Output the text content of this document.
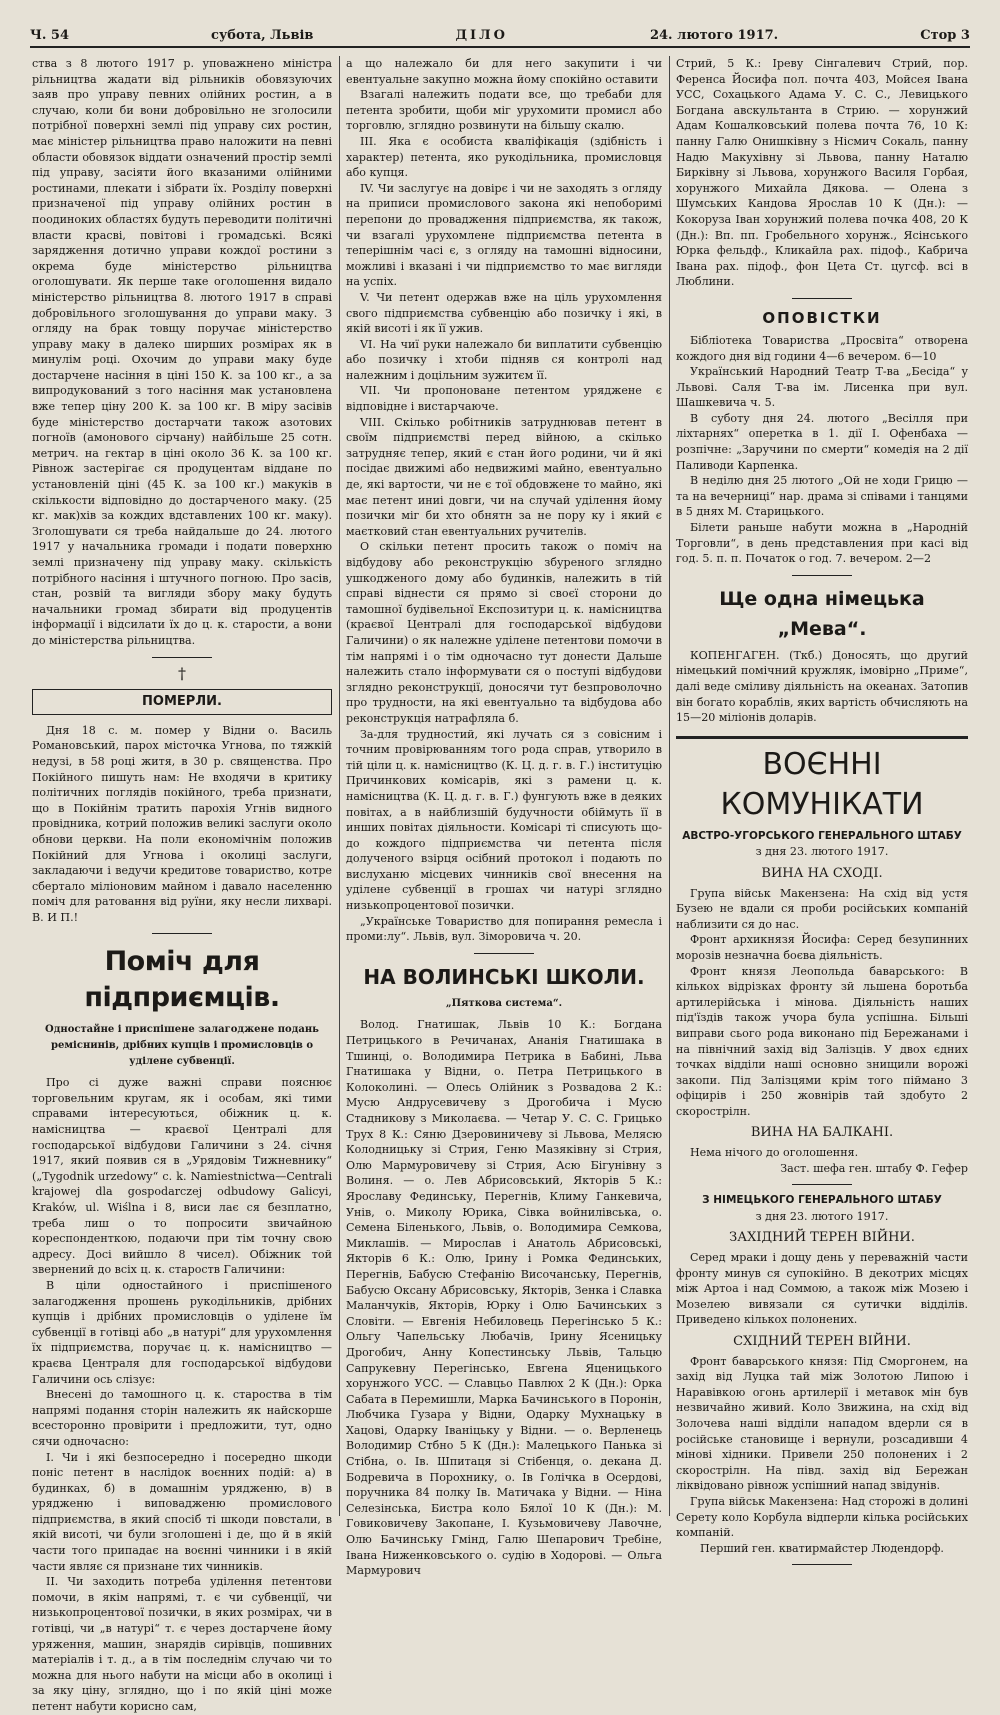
Ч. 54	субота, Львів	ДІЛО	24. лютого 1917.	Стор 3

ства з 8 лютого 1917 р. уповажнено міністра рільництва жадати від рільників обовязуючих заяв про управу певних олійних ростин, а в случаю, коли би вони добровільно не зголосили потрібної поверхні землі під управу сих ростин, має міністер рільництва право наложити на певні области обовязок віддати означений простір землі під управу, засіяти його вказаними олійними ростинами, плекати і зібрати їх. Розділу поверхні призначеної під управу олійних ростин в поодиноких областях будуть переводити політичні власти красві, повітові і громадські. Всякі зарядження дотично управи кождої ростини з окрема буде міністерство рільництва оголошувати. Як перше таке оголошення видало міністерство рільництва 8. лютого 1917 в справі добровільного зголошування до управи маку. З огляду на брак товщу поручає міністерство управу маку в далеко ширших розмірах як в минулім році. Охочим до управи маку буде достарчене насіння в ціні 150 К. за 100 кг., а за випродукований з того насіння мак установлена вже тепер ціну 200 К. за 100 кг. В міру засівів буде міністерство достарчати також азотових погноїв (амонового сірчану) найбільше 25 сотн. метрич. на гектар в ціні около 36 К. за 100 кг. Рівнож застерігає ся продуцентам віддане по установленій ціні (45 К. за 100 кг.) макуків в скількости відповідно до достарченого маку. (25 кг. мак)хів за кождих вдставлених 100 кг. маку). Зголошувати ся треба найдальше до 24. лютого 1917 у начальника громади і подати поверхню землі призначену під управу маку. скількість потрібного насіння і штучного погною. Про засів, стан, розвій та вигляди збору маку будуть начальники громад збирати від продуцентів інформації і відсилати їх до ц. к. старости, а вони до міністерства рільництва.

†
ПОМЕРЛИ.

Дня 18 с. м. помер у Відни о. Василь Романовський, парох місточка Угнова, по тяжкій недузі, в 58 році житя, в 30 р. священства. Про Покійного пишуть нам: Не входячи в критику політичних поглядів покійного, треба признати, що в Покійнім тратить парохія Угнів видного провідника, котрий положив великі заслуги около обнови церкви. На поли економічнім положив Покійний для Угнова і околиці заслуги, закладаючи і ведучи кредитове товариство, котре сбертало міліоновим майном і давало населенню поміч для ратовання від руїни, яку несли лихварі. В. И П.!

Поміч для підприємців.
Одностайне і приспішене залагоджене подань реміснинів, дрібних купців і промисловців о уділене субвенції.

Про сі дуже важні справи пояснює торговельним кругам, як і особам, які тими справами інтересуються, обіжник ц. к. намісництва — краєвої Централі для господарської відбудови Галичини з 24. січня 1917, який появив ся в „Урядовім Тижневнику“ („Tygodnik urzedowy“ c. k. Namiestnictwa—Centrali krajowej dla gospodarczej odbudowy Galicyi, Kraków, ul. Wiślna і 8, виси лає ся безплатно, треба лиш о то попросити звичайною кореспонденткою, подаючи при тім точну свою адресу. Досі вийшло 8 чисел). Обіжник той звернений до всіх ц. к. староств Галичини:

В ціли одностайного і приспішеного залагодження прошень рукодільників, дрібних купців і дрібних промисловців о уділене їм субвенції в готівці або „в натурі“ для урухомлення їх підприємства, поручає ц. к. намісництво — краєва Централя для господарської відбудови Галичини ось слізує:

Внесені до тамошного ц. к. староства в тім напрямі подання сторін належить як найскорше всесторонно провірити і предложити, тут, одно сячи одночасно:

І. Чи і які безпосередно і посередно шкоди поніс петент в наслідок воєнних подій: а) в будинках, б) в домашнім урядженю, в) в урядженю і виповадженю промислового підприємства, в який спосіб ті шкоди повстали, в якій висоті, чи були зголошені і де, що й в якій части того припадає на воєнні чинники і в якій части являє ся признане тих чинників.

ІІ. Чи заходить потреба уділення петентови помочи, в якім напрямі, т. є чи субвенції, чи низькопроцентової позички, в яких розмірах, чи в готівці, чи „в натурі“ т. є через достарчене йому уряження, машин, знарядів сирівців, пошивних матеріалів і т. д., а в тім последнім случаю чи то можна для нього набути на місци або в околиці і за яку ціну, зглядно, що і по якій ціні може петент набути корисно сам,

а що належало би для него закупити і чи евентуальне закупно можна йому спокійно оставити

Взагалі належить подати все, що требаби для петента зробити, щоби міг урухомити промисл або торговлю, зглядно розвинути на більшу скалю.

ІІІ. Яка є особиста кваліфікація (здібність і характер) петента, яко рукодільника, промисловця або купця.

ІV. Чи заслугує на довірє і чи не заходять з огляду на приписи промислового закона які непоборимі перепони до провадження підприємства, як також, чи взагалі урухомлене підприємства петента в теперішнім часі є, з огляду на тамошні відносини, можливі і вказані і чи підприємство то має вигляди на успіх.

V. Чи петент одержав вже на ціль урухомлення свого підприємства субвенцію або позичку і які, в якій висоті і як її ужив.

VI. На чиї руки належало би виплатити субвенцію або позичку і хтоби підняв ся контролі над належним і доцільним зужитєм її.

VII. Чи пропоноване петентом уряджене є відповідне і вистарчаюче.

VIII. Скілько робітників затруднював петент в своїм підприємстві перед війною, а скілько затрудняє тепер, який є стан його родини, чи й які посідає движимі або недвижимі майно, евентуально де, які вартости, чи не є тої обдовжене то майно, які має петент иниі довги, чи на случай уділення йому позички міг би хто обнятн за не пору ку і який є маєтковий стан евентуальних ручителів.

О скільки петент просить також о поміч на відбудову або реконструкцію збуреного зглядно ушкодженого дому або будинків, належить в тій справі віднести ся прямо зі своєї сторони до тамошної будівельної Експозитури ц. к. намісництва (краєвої Централі для господарської відбудови Галичини) о як належне уділене петентови помочи в тім напрямі і о тім одночасно тут донести Дальше належить стало інформувати ся о поступі відбудови зглядно реконструкції, доносячи тут безпроволочно про трудности, на які евентуально та відбудова або реконструкція натрафляла б.

За-для трудностий, які лучать ся з совісним і точним провірюванням того рода справ, утворило в тій ціли ц. к. намісництво (К. Ц. д. г. в. Г.) інституцію Причинкових комісарів, які з рамени ц. к. намісництва (К. Ц. д. г. в. Г.) фунгують вже в деяких повітах, а в найблизшій будучности обіймуть її в инших повітах діяльности. Комісарі ті списують що-до кождого підприємства чи петента після долученого взірця осібний протокол і подають по вислуханю місцевих чинників свої внесення на уділене субвенції в грошах чи натурі зглядно низькопроцентової позички.

„Українське Товариство для попирання ремесла і проми:лу“. Львів, вул. Зіморовича ч. 20.

НА ВОЛИНСЬКІ ШКОЛИ.
„Пяткова система“.

Волод. Гнатишак, Львів 10 К.: Богдана Петрицького в Речичанах, Ананія Гнатишака в Тшинці, о. Володимира Петрика в Бабині, Льва Гнатишака у Відни, о. Петра Петрицького в Колоколині. — Олесь Олійник з Розвадова 2 К.: Мусю Андрусевичеву з Дрогобича і Мусю Стадникову з Миколаєва. — Четар У. С. С. Грицько Трух 8 К.: Сяню Дзеровиничеву зі Львова, Мелясю Колодницьку зі Стрия, Геню Мазяківну зі Стрия, Олю Мармуровичеву зі Стрия, Асю Бігунівну з Волиня. — о. Лев Абрисовський, Якторів 5 К.: Ярославу Фединську, Перегнів, Климу Ганкевича, Унів, о. Миколу Юрика, Сівка войнилівська, о. Семена Біленького, Львів, о. Володимира Семкова, Миклашів. — Мирослав і Анатоль Абрисовські, Якторів 6 К.: Олю, Ірину і Ромка Фединських, Перегнів, Бабусю Стефанію Височанську, Перегнів, Бабусю Оксану Абрисовську, Якторів, Зенка і Славка Маланчуків, Якторів, Юрку і Олю Бачинських з Словіти. — Евгенія Небиловець Перегінсько 5 К.: Ольгу Чапельську Любачів, Ірину Ясеницьку Дрогобич, Анну Копестинську Львів, Тальцю Сапрукевну Перегінсько, Евгена Яценицького хорунжого УСС. — Славцьо Павлюх 2 К (Дн.): Орка Сабата в Перемишли, Марка Бачинського в Поронін, Любчика Гузара у Відни, Одарку Мухнацьку в Хацові, Одарку Іваніцьку у Відни. — о. Верленець Володимир Стбно 5 К (Дн.): Малецького Панька зі Стібна, о. Ів. Шпитаця зі Стібенця, о. декана Д. Бодревича в Порохнику, о. Ів Голічка в Осердові, поручника 84 полку Ів. Матичака у Відни. — Ніна Селезінська, Бистра коло Бялої 10 К (Дн.): М. Говиковичеву Закопане, І. Кузьмовичеву Лавочне, Олю Бачинську Гмінд, Галю Шепарович Требіне, Івана Ниженковського о. судію в Ходорові. — Ольга Мармурович

Стрий, 5 К.: Іреву Сінгалевич Стрий, пор. Ференса Йосифа пол. почта 403, Мойсея Івана УСС, Сохацького Адама У. С. С., Левицького Богдана авскультанта в Стрию. — хорунжий Адам Кошалковський полева почта 76, 10 К: панну Галю Онишківну з Нісмич Сокаль, панну Надю Макухівну зі Львова, панну Наталю Бирківну зі Львова, хорунжого Василя Горбая, хорунжого Михайла Дякова. — Олена з Шумських Кандова Ярослав 10 К (Дн.): — Кокоруза Іван хорунжий полева почка 408, 20 К (Дн.): Вп. пп. Гробельного хорунж., Ясінського Юрка фельдф., Кликайла рах. підоф., Кабрича Івана рах. підоф., фон Цета Ст. цугсф. всі в Люблини.

ОПОВІСТКИ

Бібліотека Товариства „Просвіта“ отворена кождого дня від години 4—6 вечером. 6—10

Український Народний Театр Т-ва „Бесіда“ у Львові. Саля Т-ва ім. Лисенка при вул. Шашкевича ч. 5.

В суботу дня 24. лютого „Весілля при ліхтарнях“ оперетка в 1. дії І. Офенбаха — розпічне: „Заручини по смерти“ комедія на 2 дії Паливоди Карпенка.

В неділю дня 25 лютого „Ой не ходи Грицю — та на вечерниці“ нар. драма зі співами і танцями в 5 днях М. Старицького.

Білети раньше набути можна в „Народній Торговли“, в день представления при касі від год. 5. п. п. Початок о год. 7. вечером. 2—2

Ще одна німецька „Мева“.

КОПЕНГАГЕН. (Ткб.) Доносять, що другий німецький помічний кружляк, імовірно „Приме“, далі веде сміливу діяльність на океанах. Затопив він богато кораблів, яких вартість обчисляють на 15—20 міліонів доларів.

ВОЄННІ КОМУНІКАТИ
АВСТРО-УГОРСЬКОГО ГЕНЕРАЛЬНОГО ШТАБУ
з дня 23. лютого 1917.
ВИНА НА СХОДІ.

Група військ Макензена: На схід від устя Бузею не вдали ся проби російських компаній наблизити ся до нас.

Фронт архикнязя Йосифа: Серед безупинних морозів незначна боєва діяльність.

Фронт князя Леопольда баварського: В кількох відрізках фронту зй льшена боротьба артилерійська і мінова. Діяльність наших під'їздів також учора була успішна. Більші виправи сього рода виконано під Бережанами і на північний захід від Залізців. У двох єдних точках відділи наші основно знищили ворожі закопи. Під Залізцями крім того піймано 3 офіцирів і 250 жовнірів тай здобуто 2 скорострілн.

ВИНА НА БАЛКАНІ.

Нема нічого до оголошення.

Заст. шефа ген. штабу Ф. Гефер
З НІМЕЦЬКОГО ГЕНЕРАЛЬНОГО ШТАБУ
з дня 23. лютого 1917.
ЗАХІДНИЙ ТЕРЕН ВІЙНИ.

Серед мраки і дощу день у переважній части фронту минув ся супокійно. В декотрих місцях між Артоа і над Соммою, а також між Мозею і Мозелею вивязали ся сутички відділів. Приведено кількох полонених.

СХІДНИЙ ТЕРЕН ВІЙНИ.

Фронт баварського князя: Під Сморгонем, на захід від Луцка тай між Золотою Липою і Наравівкою огонь артилерії і метавок мін був незвичайно живий. Коло Звижина, на схід від Золочева наші відділи нападом вдерли ся в російське становище і вернули, розсадивши 4 мінові хідники. Привели 250 полонених і 2 скорострілн. На півд. захід від Бережан ліквідовано рівнож успішний напад звідунів.

Група військ Макензена: Над сторожі в долині Серету коло Корбула відперли кілька російських компаній.

Перший ген. кватирмайстер Людендорф.
